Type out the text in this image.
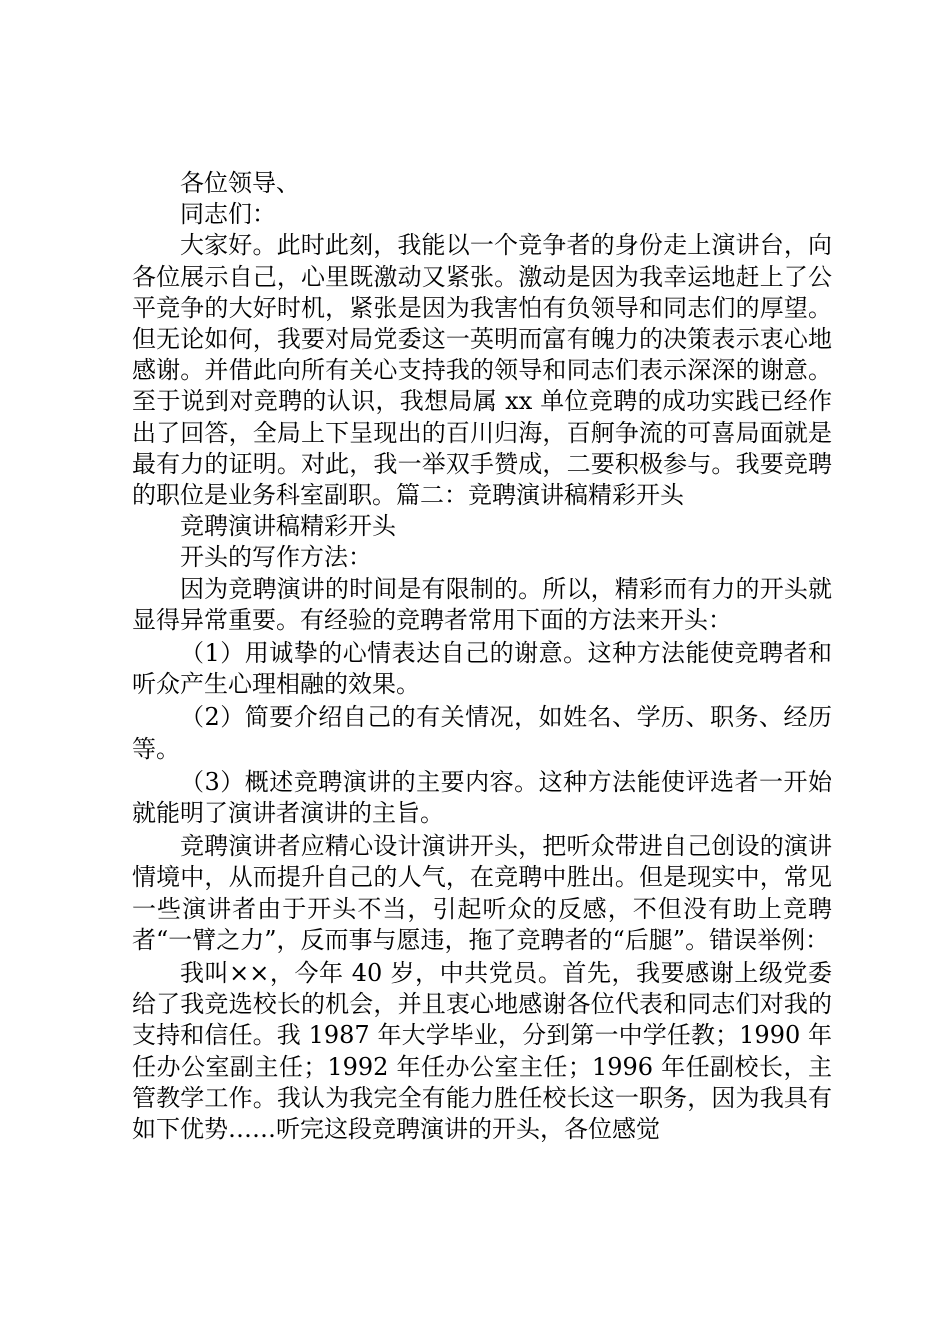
各位领导、

同志们：

大家好。此时此刻，我能以一个竞争者的身份走上演讲台，向各位展示自己，心里既激动又紧张。激动是因为我幸运地赶上了公平竞争的大好时机，紧张是因为我害怕有负领导和同志们的厚望。但无论如何，我要对局党委这一英明而富有魄力的决策表示衷心地感谢。并借此向所有关心支持我的领导和同志们表示深深的谢意。至于说到对竞聘的认识，我想局属 xx 单位竞聘的成功实践已经作出了回答，全局上下呈现出的百川归海，百舸争流的可喜局面就是最有力的证明。对此，我一举双手赞成，二要积极参与。我要竞聘的职位是业务科室副职。篇二：竞聘演讲稿精彩开头

竞聘演讲稿精彩开头

开头的写作方法：

因为竞聘演讲的时间是有限制的。所以，精彩而有力的开头就显得异常重要。有经验的竞聘者常用下面的方法来开头：

（1）用诚挚的心情表达自己的谢意。这种方法能使竞聘者和听众产生心理相融的效果。

（2）简要介绍自己的有关情况，如姓名、学历、职务、经历等。

（3）概述竞聘演讲的主要内容。这种方法能使评选者一开始就能明了演讲者演讲的主旨。

竞聘演讲者应精心设计演讲开头，把听众带进自己创设的演讲情境中，从而提升自己的人气，在竞聘中胜出。但是现实中，常见一些演讲者由于开头不当，引起听众的反感，不但没有助上竞聘者“一臂之力”，反而事与愿违，拖了竞聘者的“后腿”。错误举例：

我叫××，今年 40 岁，中共党员。首先，我要感谢上级党委给了我竞选校长的机会，并且衷心地感谢各位代表和同志们对我的支持和信任。我 1987 年大学毕业，分到第一中学任教；1990 年任办公室副主任；1992 年任办公室主任；1996 年任副校长，主管教学工作。我认为我完全有能力胜任校长这一职务，因为我具有如下优势……听完这段竞聘演讲的开头，各位感觉
